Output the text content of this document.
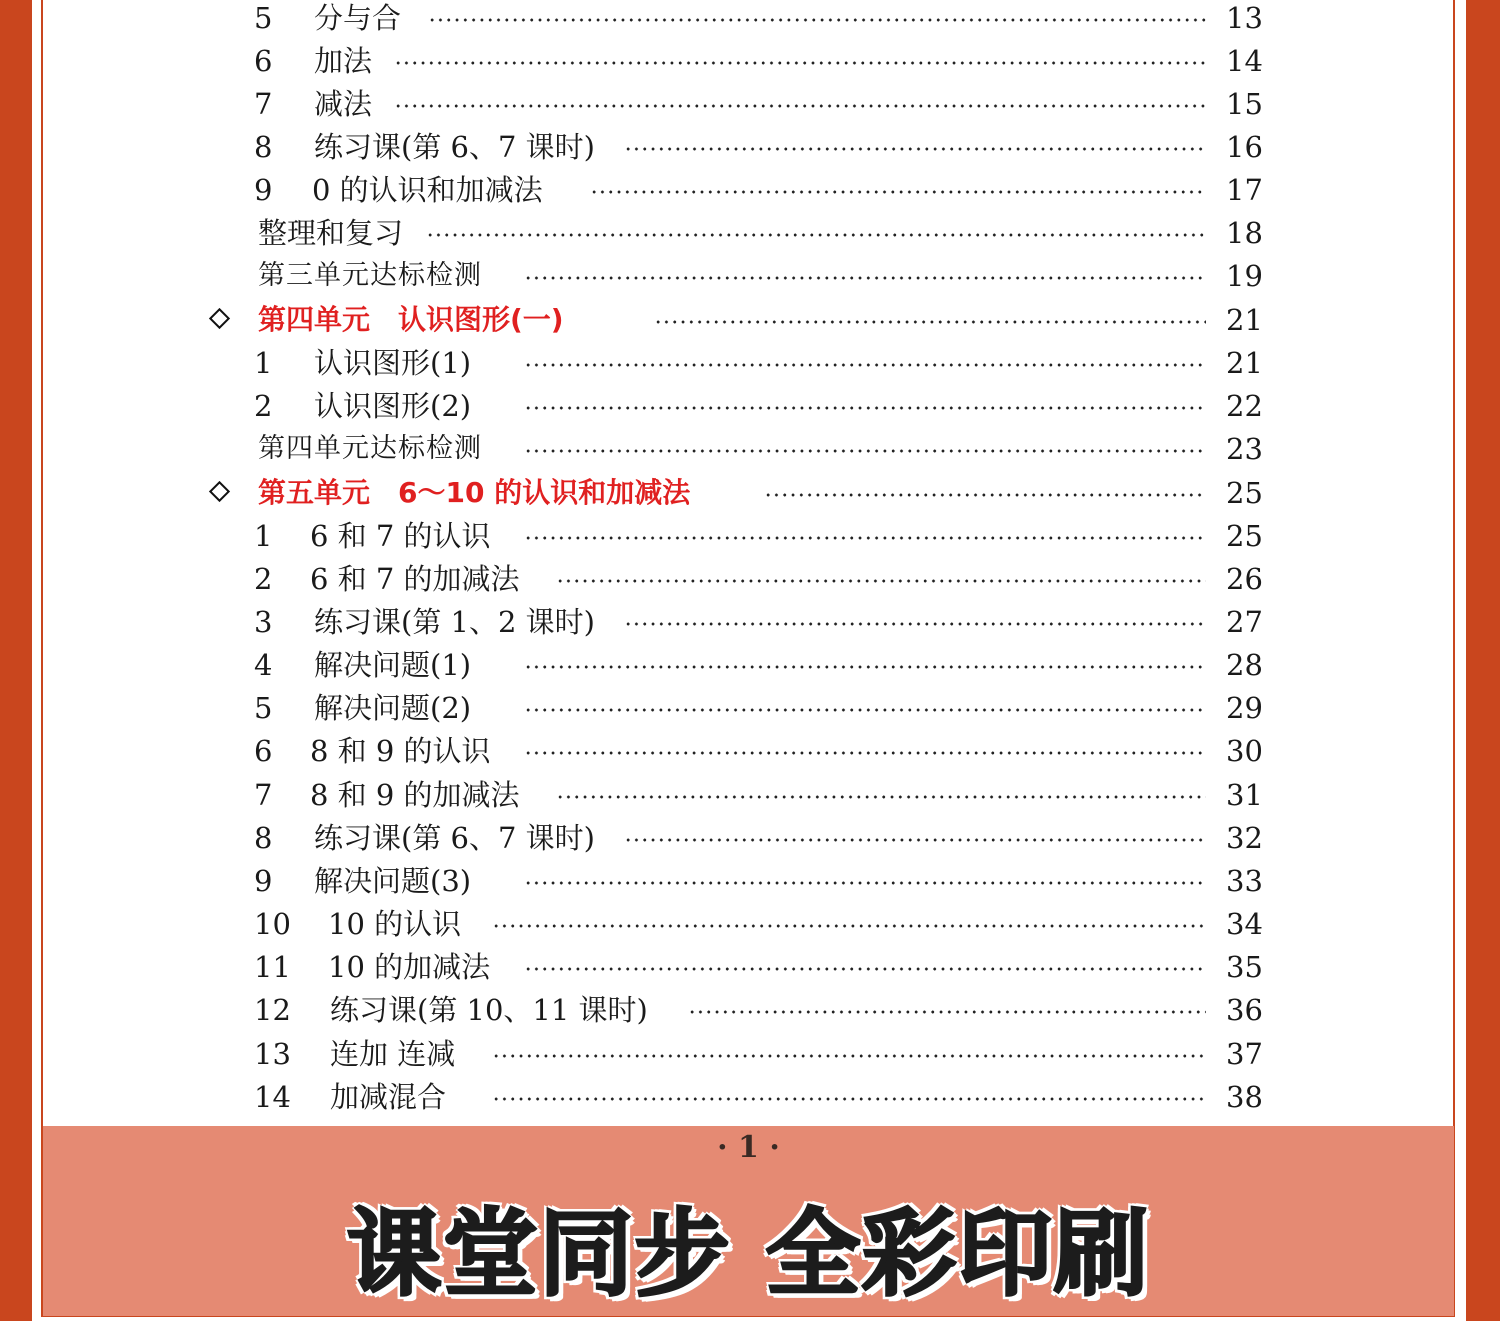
5 分与合	13
6 加法	14
7 减法	15
8 练习课(第 6、7 课时)	16
9 0 的认识和加减法	17
整理和复习	18
第三单元达标检测	19
第四单元　认识图形(一)	21
1 认识图形(1)	21
2 认识图形(2)	22
第四单元达标检测	23
第五单元　6～10 的认识和加减法	25
1 6 和 7 的认识	25
2 6 和 7 的加减法	26
3 练习课(第 1、2 课时)	27
4 解决问题(1)	28
5 解决问题(2)	29
6 8 和 9 的认识	30
7 8 和 9 的加减法	31
8 练习课(第 6、7 课时)	32
9 解决问题(3)	33
10 10 的认识	34
11 10 的加减法	35
12 练习课(第 10、11 课时)	36
13 连加 连减	37
14 加减混合	38
· 1 ·
课堂同步 全彩印刷
